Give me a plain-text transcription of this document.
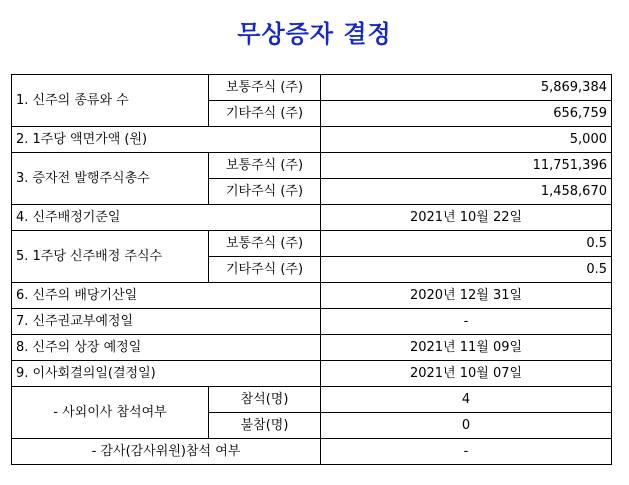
무상증자 결정
1. 신주의 종류와 수	보통주식 (주)	5,869,384
	기타주식 (주)	656,759
2. 1주당 액면가액 (원)		5,000
3. 증자전 발행주식총수	보통주식 (주)	11,751,396
	기타주식 (주)	1,458,670
4. 신주배정기준일		2021년 10월 22일
5. 1주당 신주배정 주식수	보통주식 (주)	0.5
	기타주식 (주)	0.5
6. 신주의 배당기산일		2020년 12월 31일
7. 신주권교부예정일		-
8. 신주의 상장 예정일		2021년 11월 09일
9. 이사회결의일(결정일)		2021년 10월 07일
- 사외이사 참석여부	참석(명)	4
	불참(명)	0
- 감사(감사위원)참석 여부		-
